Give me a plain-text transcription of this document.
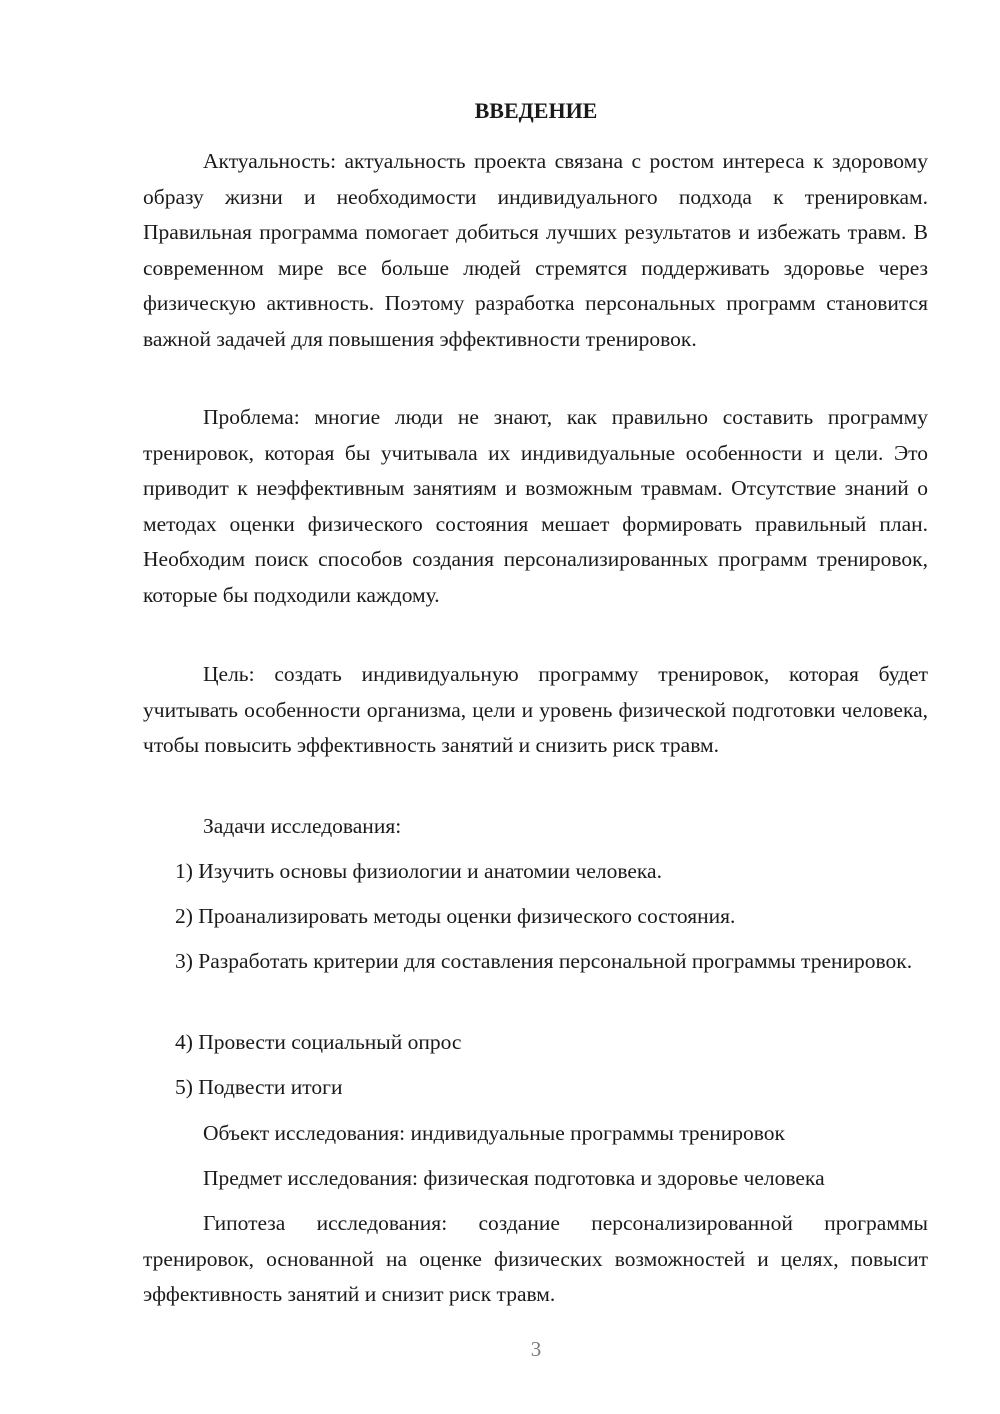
ВВЕДЕНИЕ

Актуальность: актуальность проекта связана с ростом интереса к здоровому образу жизни и необходимости индивидуального подхода к тренировкам. Правильная программа помогает добиться лучших результатов и избежать травм. В современном мире все больше людей стремятся поддерживать здоровье через физическую активность. Поэтому разработка персональных программ становится важной задачей для повышения эффективности тренировок.

Проблема: многие люди не знают, как правильно составить программу тренировок, которая бы учитывала их индивидуальные особенности и цели. Это приводит к неэффективным занятиям и возможным травмам. Отсутствие знаний о методах оценки физического состояния мешает формировать правильный план. Необходим поиск способов создания персонализированных программ тренировок, которые бы подходили каждому.

Цель: создать индивидуальную программу тренировок, которая будет учитывать особенности организма, цели и уровень физической подготовки человека, чтобы повысить эффективность занятий и снизить риск травм.

Задачи исследования:

1) Изучить основы физиологии и анатомии человека.

2) Проанализировать методы оценки физического состояния.

3) Разработать критерии для составления персональной программы тренировок.

4) Провести социальный опрос

5) Подвести итоги

Объект исследования: индивидуальные программы тренировок

Предмет исследования: физическая подготовка и здоровье человека

Гипотеза исследования: создание персонализированной программы тренировок, основанной на оценке физических возможностей и целях, повысит эффективность занятий и снизит риск травм.

3
